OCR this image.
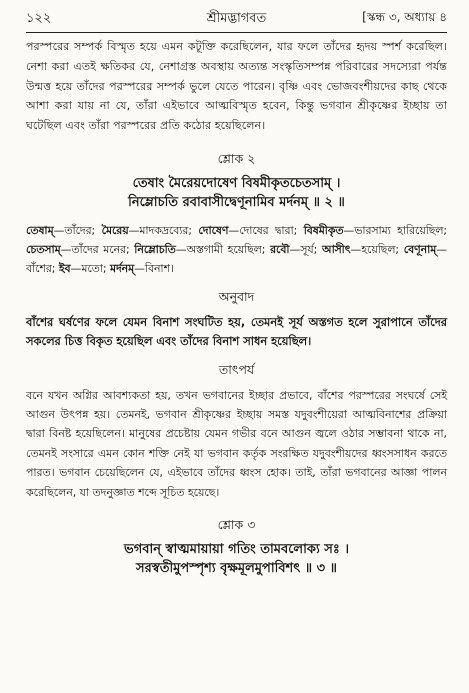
১২২	শ্রীমদ্ভাগবত	[স্কন্ধ ৩, অধ্যায় ৪

পরস্পরের সম্পর্ক বিস্মৃত হয়ে এমন কটূক্তি করেছিলেন, যার ফলে তাঁদের হৃদয় স্পর্শ করেছিল। নেশা করা এতই ক্ষতিকর যে, নেশাগ্রস্ত অবস্থায় অত্যন্ত সংস্কৃতিসম্পন্ন পরিবারের সদস্যেরা পর্যন্ত উন্মত্ত হয়ে তাঁদের পরস্পরের সম্পর্ক ভুলে যেতে পারেন। বৃষ্ণি এবং ভোজবংশীয়দের কাছ থেকে আশা করা যায় না যে, তাঁরা এইভাবে আত্মবিস্মৃত হবেন, কিন্তু ভগবান শ্রীকৃষ্ণের ইচ্ছায় তা ঘটেছিল এবং তাঁরা পরস্পরের প্রতি কঠোর হয়েছিলেন।

শ্লোক ২
তেষাং মৈরেয়দোষেণ বিষমীকৃতচেতসাম্ ।
নিম্লোচতি রবাবাসীদ্বেণূনামিব মর্দনম্ ॥ ২ ॥

তেষাম্—তাঁদের; মৈরেয়—মাদকদ্রব্যের; দোষেণ—দোষের দ্বারা; বিষমীকৃত—ভারসাম্য হারিয়েছিল; চেতসাম্—তাঁদের মনের; নিম্লোচতি—অস্তগামী হয়েছিল; রবৌ—সূর্য; আসীৎ—হয়েছিল; বেণূনাম্—বাঁশের; ইব—মতো; মর্দনম্—বিনাশ।

অনুবাদ

বাঁশের ঘর্ষণের ফলে যেমন বিনাশ সংঘটিত হয়, তেমনই সূর্য অস্তগত হলে সুরাপানে তাঁদের সকলের চিত্ত বিকৃত হয়েছিল এবং তাঁদের বিনাশ সাধন হয়েছিল।

তাৎপর্য

বনে যখন অগ্নির আবশ্যকতা হয়, তখন ভগবানের ইচ্ছার প্রভাবে, বাঁশের পরস্পরের সংঘর্ষে সেই আগুন উৎপন্ন হয়। তেমনই, ভগবান শ্রীকৃষ্ণের ইচ্ছায় সমস্ত যদুবংশীয়েরা আত্মবিনাশের প্রক্রিয়া দ্বারা বিনষ্ট হয়েছিলেন। মানুষের প্রচেষ্টায় যেমন গভীর বনে আগুন জ্বলে ওঠার সম্ভাবনা থাকে না, তেমনই সংসারে এমন কোন শক্তি নেই যা ভগবান কর্তৃক সংরক্ষিত যদুবংশীয়দের ধ্বংসসাধন করতে পারত। ভগবান চেয়েছিলেন যে, এইভাবে তাঁদের ধ্বংস হোক। তাই, তাঁরা ভগবানের আজ্ঞা পালন করেছিলেন, যা তদনুজ্ঞাত শব্দে সূচিত হয়েছে।

শ্লোক ৩
ভগবান্ স্বাত্মমায়ায়া গতিং তামবলোক্য সঃ ।
সরস্বতীমুপস্পৃশ্য বৃক্ষমূলমুপাবিশৎ ॥ ৩ ॥
